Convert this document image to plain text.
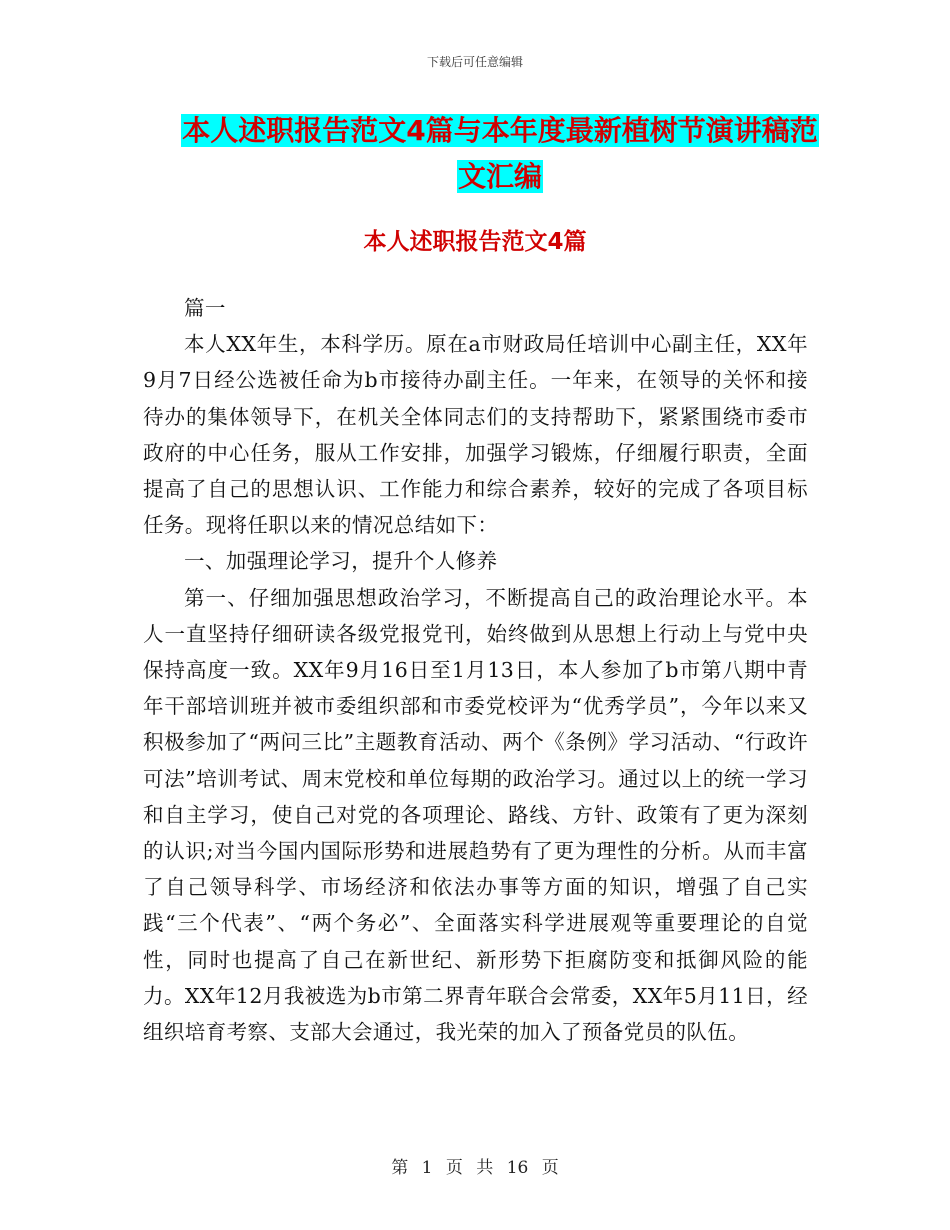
下载后可任意编辑
本人述职报告范文4篇与本年度最新植树节演讲稿范
文汇编
本人述职报告范文4篇

篇一

本人XX年生，本科学历。原在a市财政局任培训中心副主任，XX年9月7日经公选被任命为b市接待办副主任。一年来，在领导的关怀和接待办的集体领导下，在机关全体同志们的支持帮助下，紧紧围绕市委市政府的中心任务，服从工作安排，加强学习锻炼，仔细履行职责，全面提高了自己的思想认识、工作能力和综合素养，较好的完成了各项目标任务。现将任职以来的情况总结如下：

一、加强理论学习，提升个人修养

第一、仔细加强思想政治学习，不断提高自己的政治理论水平。本人一直坚持仔细研读各级党报党刊，始终做到从思想上行动上与党中央保持高度一致。XX年9月16日至1月13日，本人参加了b市第八期中青年干部培训班并被市委组织部和市委党校评为“优秀学员”，今年以来又积极参加了“两问三比”主题教育活动、两个《条例》学习活动、“行政许可法”培训考试、周末党校和单位每期的政治学习。通过以上的统一学习和自主学习，使自己对党的各项理论、路线、方针、政策有了更为深刻的认识;对当今国内国际形势和进展趋势有了更为理性的分析。从而丰富了自己领导科学、市场经济和依法办事等方面的知识，增强了自己实践“三个代表”、“两个务必”、全面落实科学进展观等重要理论的自觉性，同时也提高了自己在新世纪、新形势下拒腐防变和抵御风险的能力。XX年12月我被选为b市第二界青年联合会常委，XX年5月11日，经组织培育考察、支部大会通过，我光荣的加入了预备党员的队伍。

第 1 页 共 16 页
